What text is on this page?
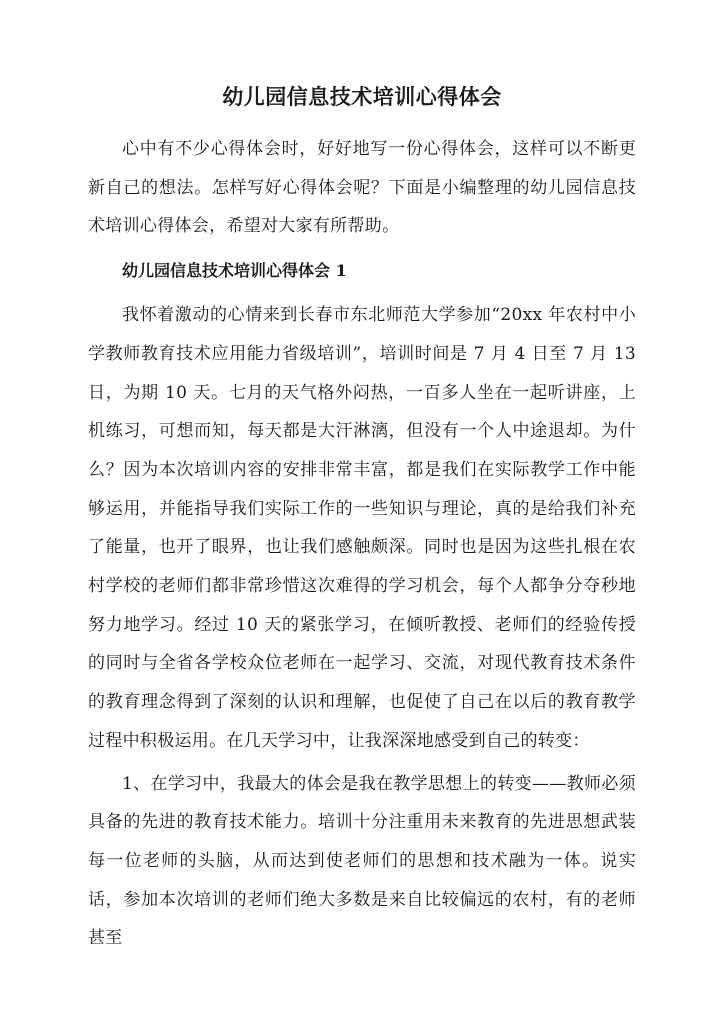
幼儿园信息技术培训心得体会

心中有不少心得体会时，好好地写一份心得体会，这样可以不断更新自己的想法。怎样写好心得体会呢？下面是小编整理的幼儿园信息技术培训心得体会，希望对大家有所帮助。

幼儿园信息技术培训心得体会 1

我怀着激动的心情来到长春市东北师范大学参加“20xx 年农村中小学教师教育技术应用能力省级培训”，培训时间是 7 月 4 日至 7 月 13 日，为期 10 天。七月的天气格外闷热，一百多人坐在一起听讲座，上机练习，可想而知，每天都是大汗淋漓，但没有一个人中途退却。为什么？因为本次培训内容的安排非常丰富，都是我们在实际教学工作中能够运用，并能指导我们实际工作的一些知识与理论，真的是给我们补充了能量，也开了眼界，也让我们感触颇深。同时也是因为这些扎根在农村学校的老师们都非常珍惜这次难得的学习机会，每个人都争分夺秒地努力地学习。经过 10 天的紧张学习，在倾听教授、老师们的经验传授的同时与全省各学校众位老师在一起学习、交流，对现代教育技术条件的教育理念得到了深刻的认识和理解，也促使了自己在以后的教育教学过程中积极运用。在几天学习中，让我深深地感受到自己的转变：

1、在学习中，我最大的体会是我在教学思想上的转变——教师必须具备的先进的教育技术能力。培训十分注重用未来教育的先进思想武装每一位老师的头脑，从而达到使老师们的思想和技术融为一体。说实话，参加本次培训的老师们绝大多数是来自比较偏远的农村，有的老师甚至
